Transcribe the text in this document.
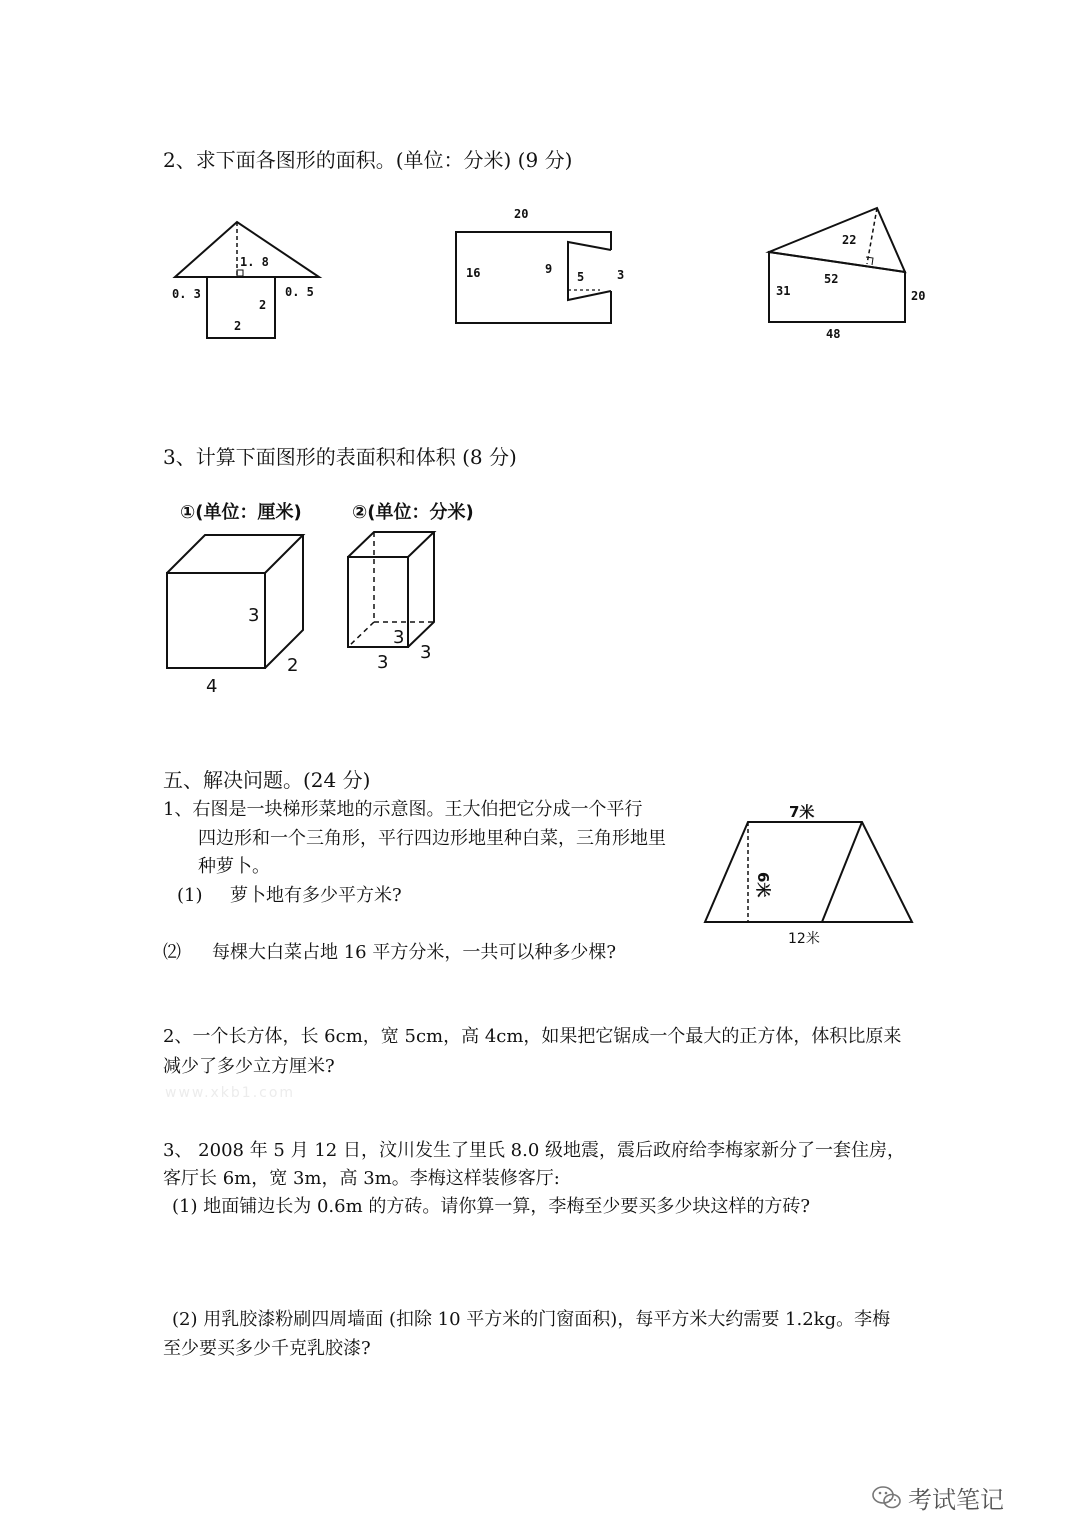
2、求下面各图形的面积。(单位：分米) (9 分)
1. 8
0. 3	0. 5
2
2
20
16	9
5	3
22
52
31	20
48
①(单位：厘米)
3
2
4
②(单位：分米)
3
3 3
7米
6米
12米
3、计算下面图形的表面积和体积 (8 分)
五、解决问题。(24 分)
1、右图是一块梯形菜地的示意图。王大伯把它分成一个平行
四边形和一个三角形，平行四边形地里种白菜，三角形地里
种萝卜。
(1) 萝卜地有多少平方米?
⑵ 每棵大白菜占地 16 平方分米，一共可以种多少棵?
2、一个长方体，长 6cm，宽 5cm，高 4cm，如果把它锯成一个最大的正方体，体积比原来
减少了多少立方厘米?
www.xkb1.com
3、 2008 年 5 月 12 日，汶川发生了里氏 8.0 级地震，震后政府给李梅家新分了一套住房，
客厅长 6m，宽 3m，高 3m。李梅这样装修客厅:
(1) 地面铺边长为 0.6m 的方砖。请你算一算，李梅至少要买多少块这样的方砖?
(2) 用乳胶漆粉刷四周墙面 (扣除 10 平方米的门窗面积)，每平方米大约需要 1.2kg。李梅
至少要买多少千克乳胶漆?
考试笔记
